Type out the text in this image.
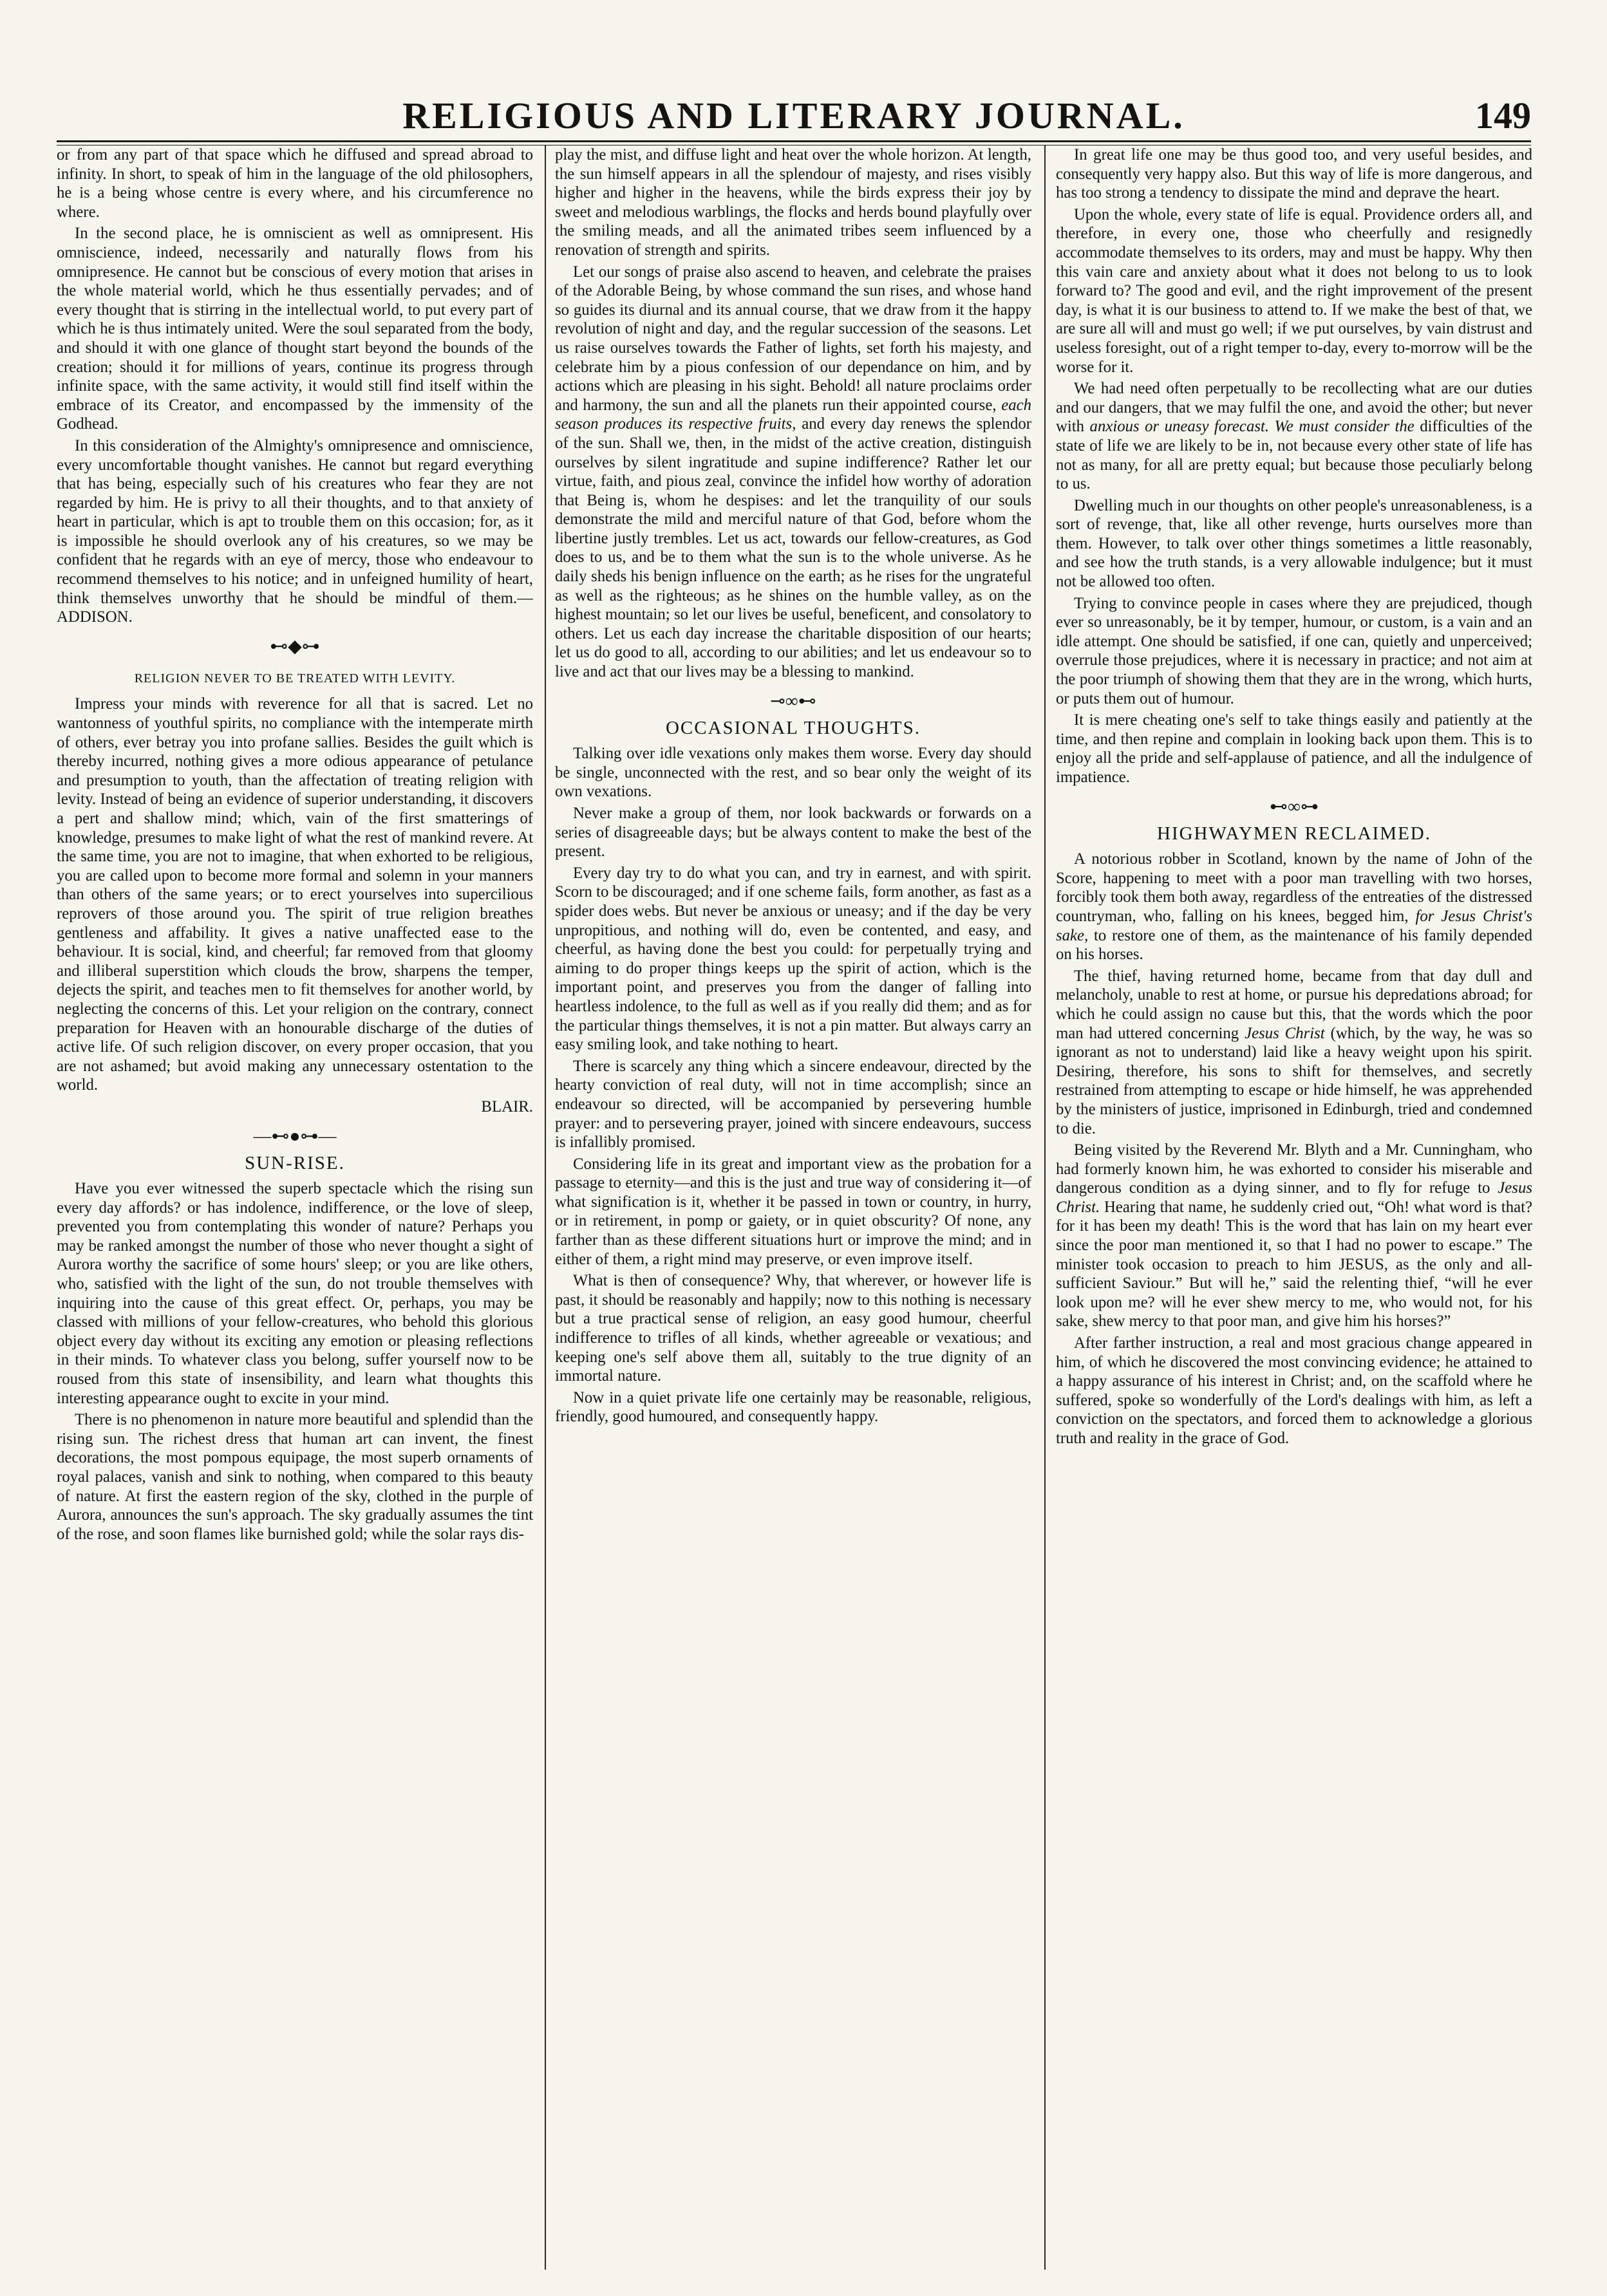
RELIGIOUS AND LITERARY JOURNAL.	149

or from any part of that space which he diffused and spread abroad to infinity. In short, to speak of him in the language of the old philosophers, he is a being whose centre is every where, and his circumference no where.

In the second place, he is omniscient as well as omnipresent. His omniscience, indeed, necessarily and naturally flows from his omnipresence. He cannot but be conscious of every motion that arises in the whole material world, which he thus essentially pervades; and of every thought that is stirring in the intellectual world, to put every part of which he is thus intimately united. Were the soul separated from the body, and should it with one glance of thought start beyond the bounds of the creation; should it for millions of years, continue its progress through infinite space, with the same activity, it would still find itself within the embrace of its Creator, and encompassed by the immensity of the Godhead.

In this consideration of the Almighty's omnipresence and omniscience, every uncomfortable thought vanishes. He cannot but regard everything that has being, especially such of his creatures who fear they are not regarded by him. He is privy to all their thoughts, and to that anxiety of heart in particular, which is apt to trouble them on this occasion; for, as it is impossible he should overlook any of his creatures, so we may be confident that he regards with an eye of mercy, those who endeavour to recommend themselves to his notice; and in unfeigned humility of heart, think themselves unworthy that he should be mindful of them.—ADDISON.

⊷◆⊶
RELIGION NEVER TO BE TREATED WITH LEVITY.

Impress your minds with reverence for all that is sacred. Let no wantonness of youthful spirits, no compliance with the intemperate mirth of others, ever betray you into profane sallies. Besides the guilt which is thereby incurred, nothing gives a more odious appearance of petulance and presumption to youth, than the affectation of treating religion with levity. Instead of being an evidence of superior understanding, it discovers a pert and shallow mind; which, vain of the first smatterings of knowledge, presumes to make light of what the rest of mankind revere. At the same time, you are not to imagine, that when exhorted to be religious, you are called upon to become more formal and solemn in your manners than others of the same years; or to erect yourselves into supercilious reprovers of those around you. The spirit of true religion breathes gentleness and affability. It gives a native unaffected ease to the behaviour. It is social, kind, and cheerful; far removed from that gloomy and illiberal superstition which clouds the brow, sharpens the temper, dejects the spirit, and teaches men to fit themselves for another world, by neglecting the concerns of this. Let your religion on the contrary, connect preparation for Heaven with an honourable discharge of the duties of active life. Of such religion discover, on every proper occasion, that you are not ashamed; but avoid making any unnecessary ostentation to the world.

BLAIR.
—⊷●⊶—
SUN-RISE.

Have you ever witnessed the superb spectacle which the rising sun every day affords? or has indolence, indifference, or the love of sleep, prevented you from contemplating this wonder of nature? Perhaps you may be ranked amongst the number of those who never thought a sight of Aurora worthy the sacrifice of some hours' sleep; or you are like others, who, satisfied with the light of the sun, do not trouble themselves with inquiring into the cause of this great effect. Or, perhaps, you may be classed with millions of your fellow-creatures, who behold this glorious object every day without its exciting any emotion or pleasing reflections in their minds. To whatever class you belong, suffer yourself now to be roused from this state of insensibility, and learn what thoughts this interesting appearance ought to excite in your mind.

There is no phenomenon in nature more beautiful and splendid than the rising sun. The richest dress that human art can invent, the finest decorations, the most pompous equipage, the most superb ornaments of royal palaces, vanish and sink to nothing, when compared to this beauty of nature. At first the eastern region of the sky, clothed in the purple of Aurora, announces the sun's approach. The sky gradually assumes the tint of the rose, and soon flames like burnished gold; while the solar rays dis-

play the mist, and diffuse light and heat over the whole horizon. At length, the sun himself appears in all the splendour of majesty, and rises visibly higher and higher in the heavens, while the birds express their joy by sweet and melodious warblings, the flocks and herds bound playfully over the smiling meads, and all the animated tribes seem influenced by a renovation of strength and spirits.

Let our songs of praise also ascend to heaven, and celebrate the praises of the Adorable Being, by whose command the sun rises, and whose hand so guides its diurnal and its annual course, that we draw from it the happy revolution of night and day, and the regular succession of the seasons. Let us raise ourselves towards the Father of lights, set forth his majesty, and celebrate him by a pious confession of our dependance on him, and by actions which are pleasing in his sight. Behold! all nature proclaims order and harmony, the sun and all the planets run their appointed course, each season produces its respective fruits, and every day renews the splendor of the sun. Shall we, then, in the midst of the active creation, distinguish ourselves by silent ingratitude and supine indifference? Rather let our virtue, faith, and pious zeal, convince the infidel how worthy of adoration that Being is, whom he despises: and let the tranquility of our souls demonstrate the mild and merciful nature of that God, before whom the libertine justly trembles. Let us act, towards our fellow-creatures, as God does to us, and be to them what the sun is to the whole universe. As he daily sheds his benign influence on the earth; as he rises for the ungrateful as well as the righteous; as he shines on the humble valley, as on the highest mountain; so let our lives be useful, beneficent, and consolatory to others. Let us each day increase the charitable disposition of our hearts; let us do good to all, according to our abilities; and let us endeavour so to live and act that our lives may be a blessing to mankind.

⊸∞⊷
OCCASIONAL THOUGHTS.

Talking over idle vexations only makes them worse. Every day should be single, unconnected with the rest, and so bear only the weight of its own vexations.

Never make a group of them, nor look backwards or forwards on a series of disagreeable days; but be always content to make the best of the present.

Every day try to do what you can, and try in earnest, and with spirit. Scorn to be discouraged; and if one scheme fails, form another, as fast as a spider does webs. But never be anxious or uneasy; and if the day be very unpropitious, and nothing will do, even be contented, and easy, and cheerful, as having done the best you could: for perpetually trying and aiming to do proper things keeps up the spirit of action, which is the important point, and preserves you from the danger of falling into heartless indolence, to the full as well as if you really did them; and as for the particular things themselves, it is not a pin matter. But always carry an easy smiling look, and take nothing to heart.

There is scarcely any thing which a sincere endeavour, directed by the hearty conviction of real duty, will not in time accomplish; since an endeavour so directed, will be accompanied by persevering humble prayer: and to persevering prayer, joined with sincere endeavours, success is infallibly promised.

Considering life in its great and important view as the probation for a passage to eternity—and this is the just and true way of considering it—of what signification is it, whether it be passed in town or country, in hurry, or in retirement, in pomp or gaiety, or in quiet obscurity? Of none, any farther than as these different situations hurt or improve the mind; and in either of them, a right mind may preserve, or even improve itself.

What is then of consequence? Why, that wherever, or however life is past, it should be reasonably and happily; now to this nothing is necessary but a true practical sense of religion, an easy good humour, cheerful indifference to trifles of all kinds, whether agreeable or vexatious; and keeping one's self above them all, suitably to the true dignity of an immortal nature.

Now in a quiet private life one certainly may be reasonable, religious, friendly, good humoured, and consequently happy.

In great life one may be thus good too, and very useful besides, and consequently very happy also. But this way of life is more dangerous, and has too strong a tendency to dissipate the mind and deprave the heart.

Upon the whole, every state of life is equal. Providence orders all, and therefore, in every one, those who cheerfully and resignedly accommodate themselves to its orders, may and must be happy. Why then this vain care and anxiety about what it does not belong to us to look forward to? The good and evil, and the right improvement of the present day, is what it is our business to attend to. If we make the best of that, we are sure all will and must go well; if we put ourselves, by vain distrust and useless foresight, out of a right temper to-day, every to-morrow will be the worse for it.

We had need often perpetually to be recollecting what are our duties and our dangers, that we may fulfil the one, and avoid the other; but never with anxious or uneasy forecast. We must consider the difficulties of the state of life we are likely to be in, not because every other state of life has not as many, for all are pretty equal; but because those peculiarly belong to us.

Dwelling much in our thoughts on other people's unreasonableness, is a sort of revenge, that, like all other revenge, hurts ourselves more than them. However, to talk over other things sometimes a little reasonably, and see how the truth stands, is a very allowable indulgence; but it must not be allowed too often.

Trying to convince people in cases where they are prejudiced, though ever so unreasonably, be it by temper, humour, or custom, is a vain and an idle attempt. One should be satisfied, if one can, quietly and unperceived; overrule those prejudices, where it is necessary in practice; and not aim at the poor triumph of showing them that they are in the wrong, which hurts, or puts them out of humour.

It is mere cheating one's self to take things easily and patiently at the time, and then repine and complain in looking back upon them. This is to enjoy all the pride and self-applause of patience, and all the indulgence of impatience.

⊷∞⊶
HIGHWAYMEN RECLAIMED.

A notorious robber in Scotland, known by the name of John of the Score, happening to meet with a poor man travelling with two horses, forcibly took them both away, regardless of the entreaties of the distressed countryman, who, falling on his knees, begged him, for Jesus Christ's sake, to restore one of them, as the maintenance of his family depended on his horses.

The thief, having returned home, became from that day dull and melancholy, unable to rest at home, or pursue his depredations abroad; for which he could assign no cause but this, that the words which the poor man had uttered concerning Jesus Christ (which, by the way, he was so ignorant as not to understand) laid like a heavy weight upon his spirit. Desiring, therefore, his sons to shift for themselves, and secretly restrained from attempting to escape or hide himself, he was apprehended by the ministers of justice, imprisoned in Edinburgh, tried and condemned to die.

Being visited by the Reverend Mr. Blyth and a Mr. Cunningham, who had formerly known him, he was exhorted to consider his miserable and dangerous condition as a dying sinner, and to fly for refuge to Jesus Christ. Hearing that name, he suddenly cried out, “Oh! what word is that? for it has been my death! This is the word that has lain on my heart ever since the poor man mentioned it, so that I had no power to escape.” The minister took occasion to preach to him JESUS, as the only and all-sufficient Saviour.” But will he,” said the relenting thief, “will he ever look upon me? will he ever shew mercy to me, who would not, for his sake, shew mercy to that poor man, and give him his horses?”

After farther instruction, a real and most gracious change appeared in him, of which he discovered the most convincing evidence; he attained to a happy assurance of his interest in Christ; and, on the scaffold where he suffered, spoke so wonderfully of the Lord's dealings with him, as left a conviction on the spectators, and forced them to acknowledge a glorious truth and reality in the grace of God.
